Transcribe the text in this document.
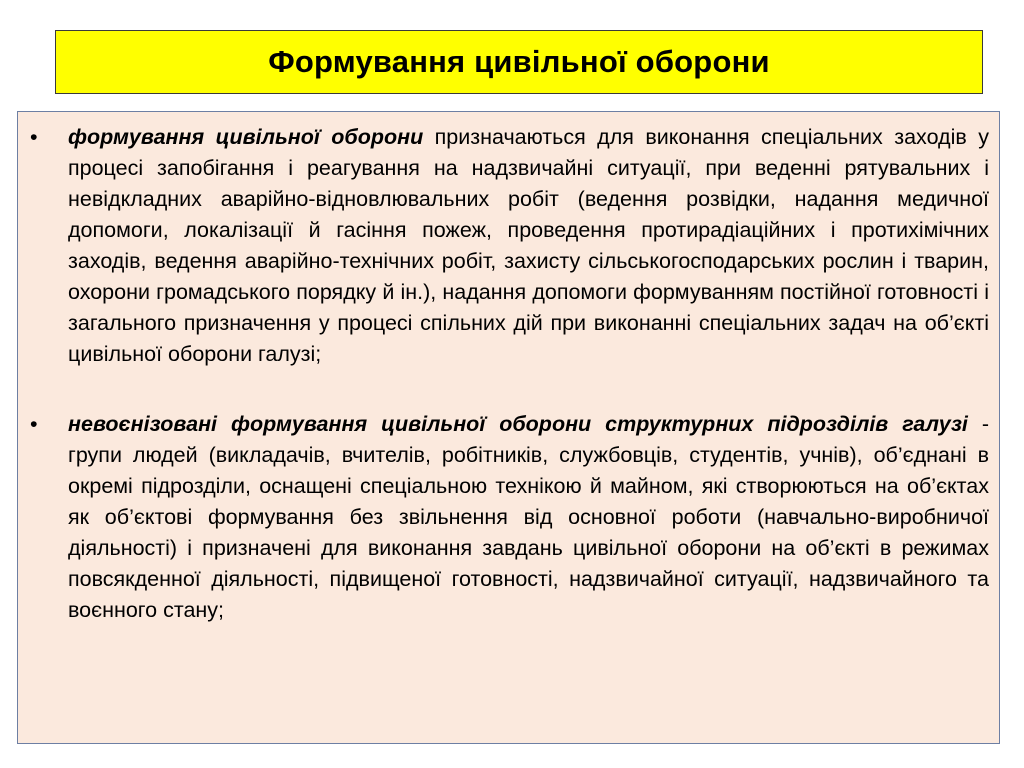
Формування цивільної оборони
• формування цивільної оборони призначаються для виконання спеціальних заходів у процесі запобігання і реагування на надзвичайні ситуації, при веденні рятувальних і невідкладних аварійно-відновлювальних робіт (ведення розвідки, надання медичної допомоги, локалізації й гасіння пожеж, проведення протирадіаційних і протихімічних заходів, ведення аварійно-технічних робіт, захисту сільськогосподарських рослин і тварин, охорони громадського порядку й ін.), надання допомоги формуванням постійної готовності і загального призначення у процесі спільних дій при виконанні спеціальних задач на об’єкті цивільної оборони галузі;

• невоєнізовані формування цивільної оборони структурних підрозділів галузі - групи людей (викладачів, вчителів, робітників, службовців, студентів, учнів), об’єднані в окремі підрозділи, оснащені спеціальною технікою й майном, які створюються на об’єктах як об’єктові формування без звільнення від основної роботи (навчально-виробничої діяльності) і призначені для виконання завдань цивільної оборони на об’єкті в режимах повсякденної діяльності, підвищеної готовності, надзвичайної ситуації, надзвичайного та воєнного стану;
